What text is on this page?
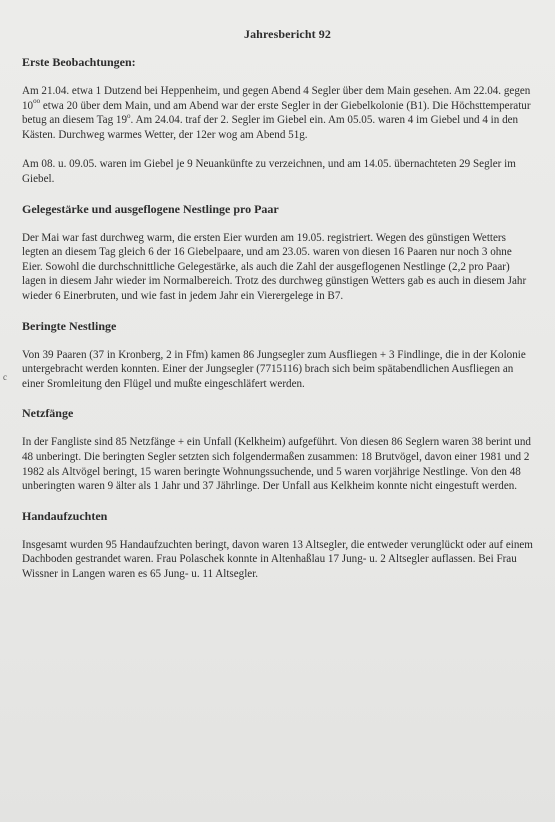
Jahresbericht 92
c
Erste Beobachtungen:

Am 21.04. etwa 1 Dutzend bei Heppenheim, und gegen Abend 4 Segler über dem Main gesehen. Am 22.04. gegen $10^{oo}$ etwa 20 über dem Main, und am Abend war der erste Segler in der Giebelkolonie (B1). Die Höchsttemperatur betug an diesem Tag 19$^o$. Am 24.04. traf der 2. Segler im Giebel ein. Am 05.05. waren 4 im Giebel und 4 in den Kästen. Durchweg warmes Wetter, der 12er wog am Abend 51g.

Am 08. u. 09.05. waren im Giebel je 9 Neuankünfte zu verzeichnen, und am 14.05. übernachteten 29 Segler im Giebel.

Gelegestärke und ausgeflogene Nestlinge pro Paar

Der Mai war fast durchweg warm, die ersten Eier wurden am 19.05. registriert. Wegen des günstigen Wetters legten an diesem Tag gleich 6 der 16 Giebelpaare, und am 23.05. waren von diesen 16 Paaren nur noch 3 ohne Eier. Sowohl die durchschnittliche Gelegestärke, als auch die Zahl der ausgeflogenen Nestlinge (2,2 pro Paar) lagen in diesem Jahr wieder im Normalbereich. Trotz des durchweg günstigen Wetters gab es auch in diesem Jahr wieder 6 Einerbruten, und wie fast in jedem Jahr ein Vierergelege in B7.

Beringte Nestlinge

Von 39 Paaren (37 in Kronberg, 2 in Ffm) kamen 86 Jungsegler zum Ausfliegen + 3 Findlinge, die in der Kolonie untergebracht werden konnten. Einer der Jungsegler (7715116) brach sich beim spätabendlichen Ausfliegen an einer Sromleitung den Flügel und mußte eingeschläfert werden.

Netzfänge

In der Fangliste sind 85 Netzfänge + ein Unfall (Kelkheim) aufgeführt. Von diesen 86 Seglern waren 38 berint und 48 unberingt. Die beringten Segler setzten sich folgendermaßen zusammen: 18 Brutvögel, davon einer 1981 und 2 1982 als Altvögel beringt, 15 waren beringte Wohnungssuchende, und 5 waren vorjährige Nestlinge. Von den 48 unberingten waren 9 älter als 1 Jahr und 37 Jährlinge. Der Unfall aus Kelkheim konnte nicht eingestuft werden.

Handaufzuchten

Insgesamt wurden 95 Handaufzuchten beringt, davon waren 13 Altsegler, die entweder verunglückt oder auf einem Dachboden gestrandet waren. Frau Polaschek konnte in Altenhaßlau 17 Jung- u. 2 Altsegler auflassen. Bei Frau Wissner in Langen waren es 65 Jung- u. 11 Altsegler.
